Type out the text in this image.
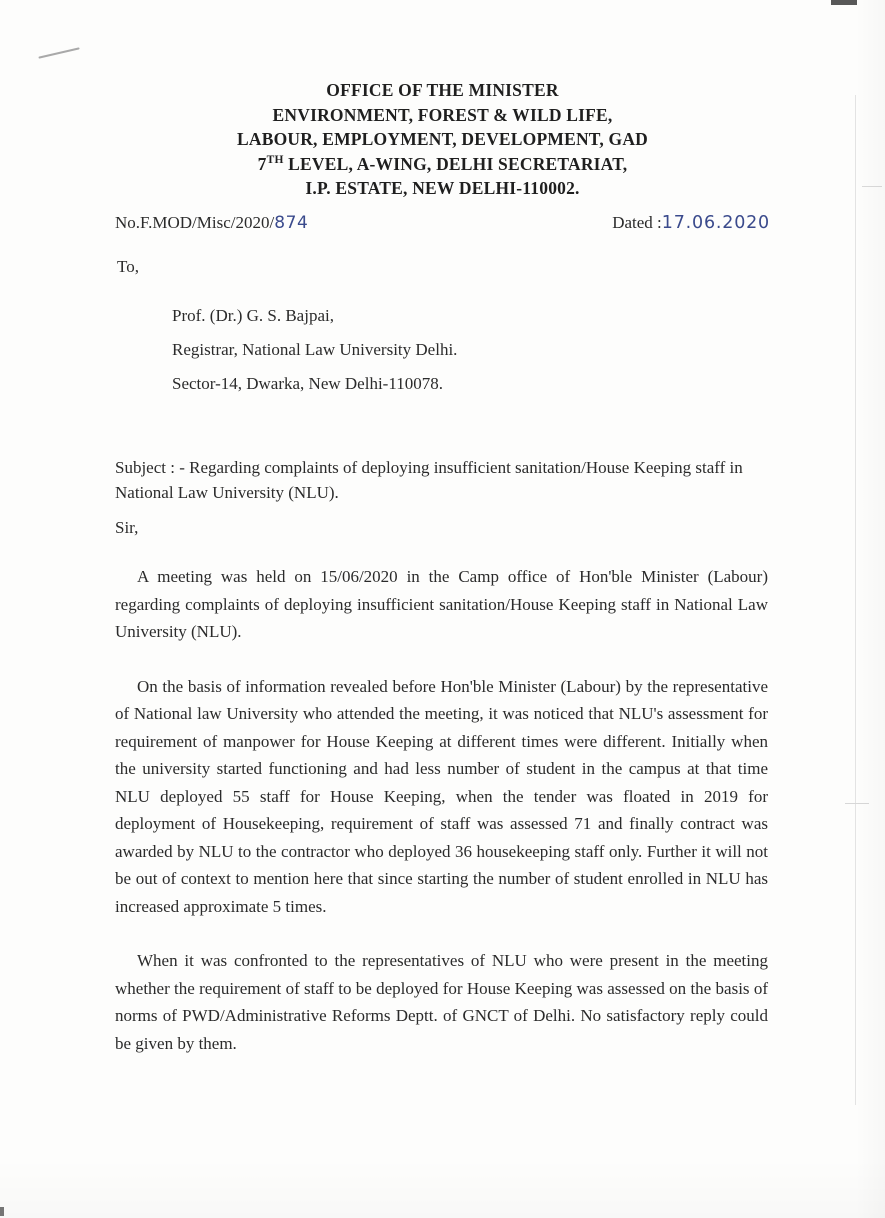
OFFICE OF THE MINISTER
ENVIRONMENT, FOREST & WILD LIFE,
LABOUR, EMPLOYMENT, DEVELOPMENT, GAD
7TH LEVEL, A-WING, DELHI SECRETARIAT,
I.P. ESTATE, NEW DELHI-110002.
No.F.MOD/Misc/2020/874	Dated :17.06.2020
To,
Prof. (Dr.) G. S. Bajpai,
Registrar, National Law University Delhi.
Sector-14, Dwarka, New Delhi-110078.
Subject : - Regarding complaints of deploying insufficient sanitation/House Keeping staff in National Law University (NLU).
Sir,

A meeting was held on 15/06/2020 in the Camp office of Hon'ble Minister (Labour) regarding complaints of deploying insufficient sanitation/House Keeping staff in National Law University (NLU).

On the basis of information revealed before Hon'ble Minister (Labour) by the representative of National law University who attended the meeting, it was noticed that NLU's assessment for requirement of manpower for House Keeping at different times were different. Initially when the university started functioning and had less number of student in the campus at that time NLU deployed 55 staff for House Keeping, when the tender was floated in 2019 for deployment of Housekeeping, requirement of staff was assessed 71 and finally contract was awarded by NLU to the contractor who deployed 36 housekeeping staff only. Further it will not be out of context to mention here that since starting the number of student enrolled in NLU has increased approximate 5 times.

When it was confronted to the representatives of NLU who were present in the meeting whether the requirement of staff to be deployed for House Keeping was assessed on the basis of norms of PWD/Administrative Reforms Deptt. of GNCT of Delhi. No satisfactory reply could be given by them.
